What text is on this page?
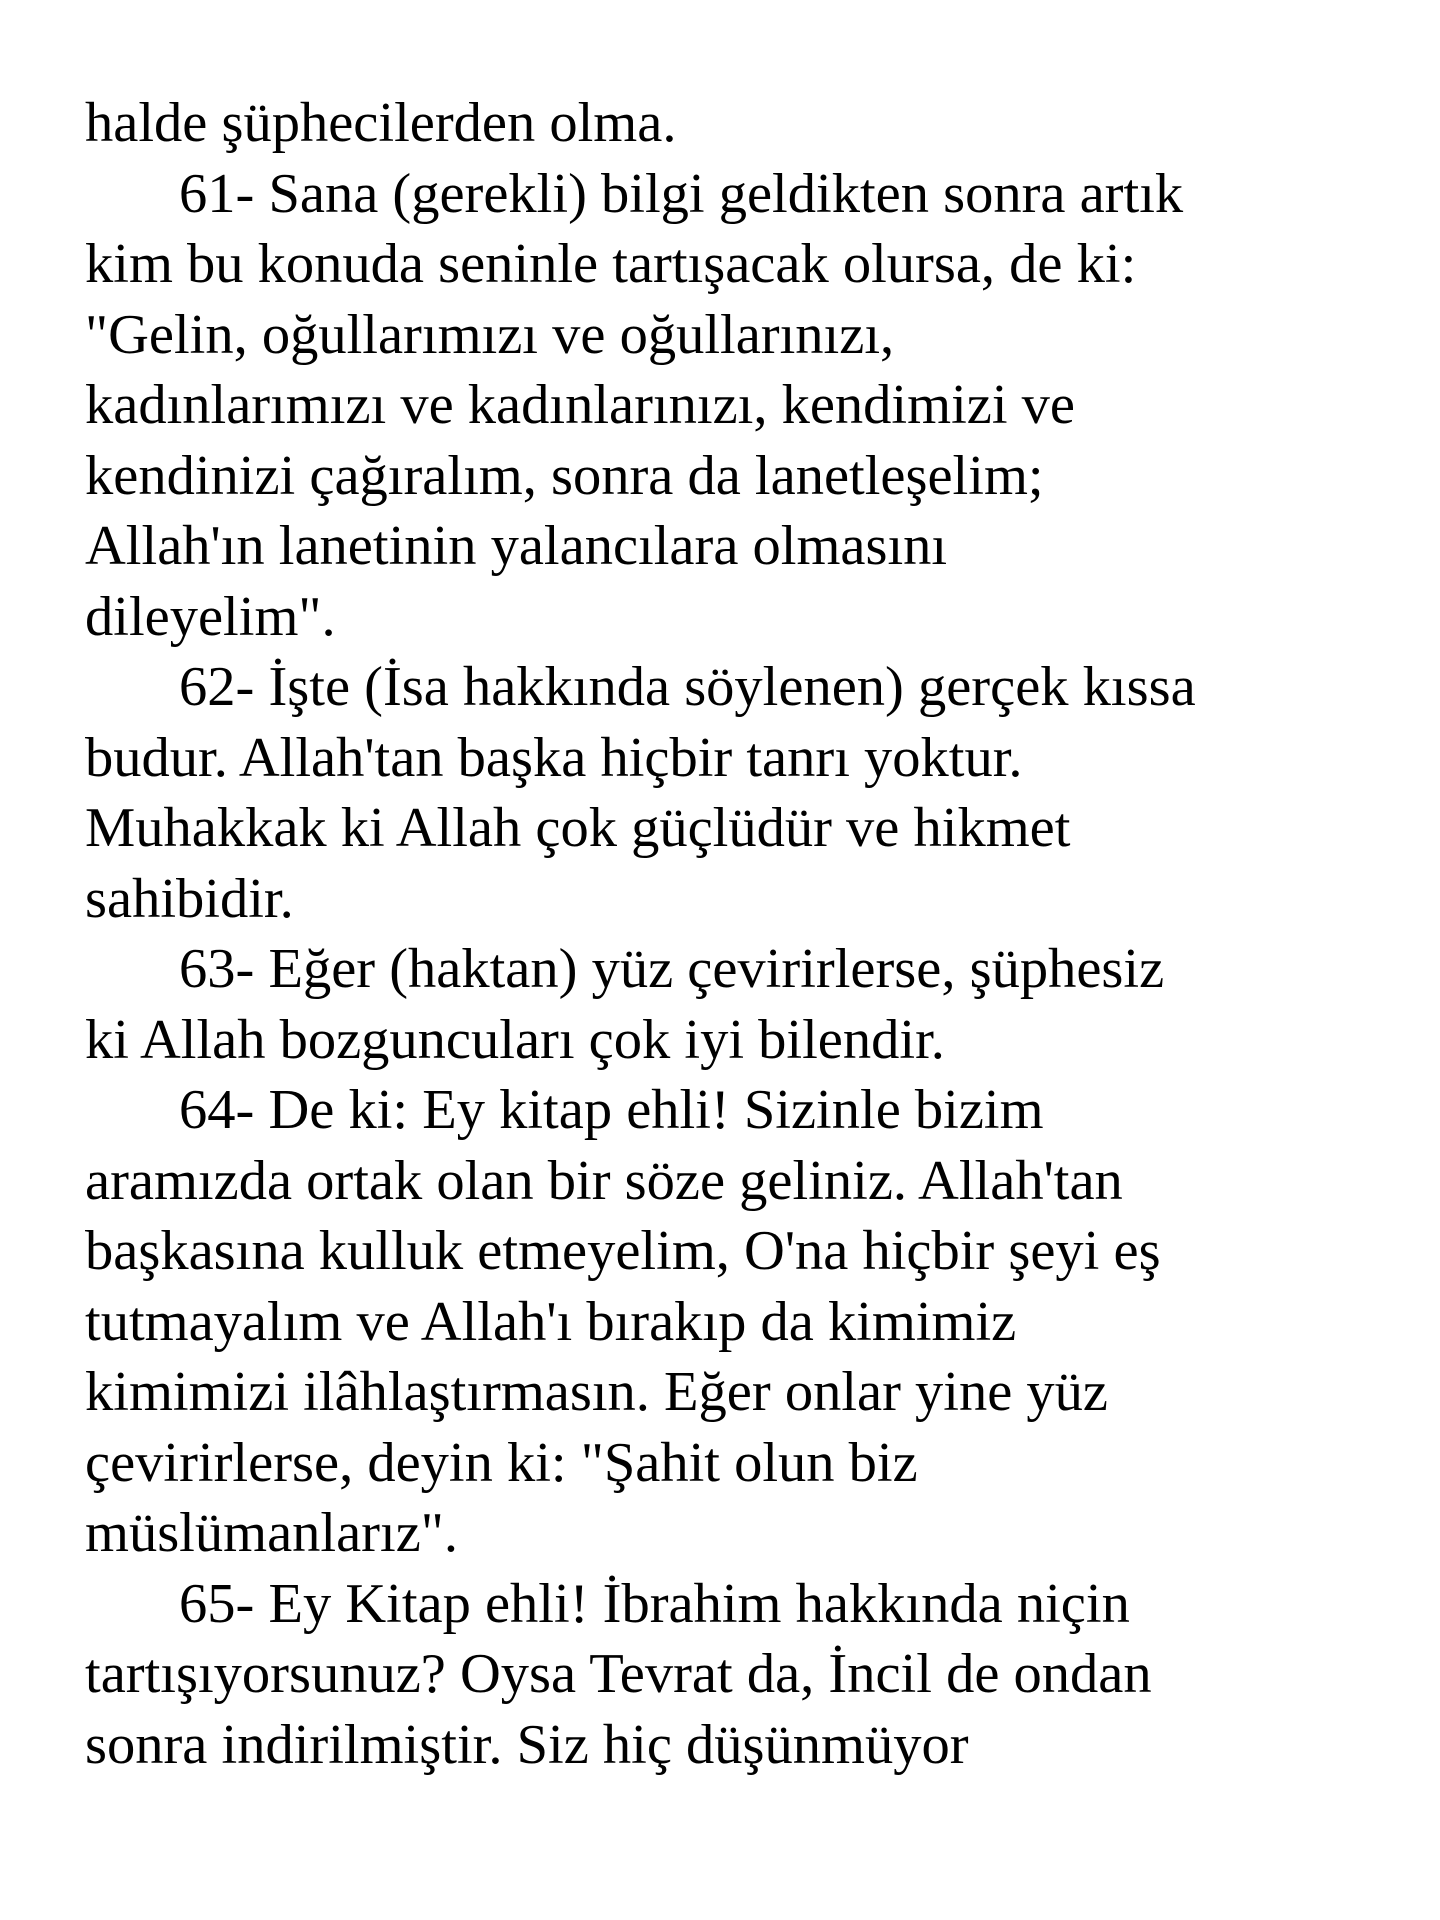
halde şüphecilerden olma.
61- Sana (gerekli) bilgi geldikten sonra artık
kim bu konuda seninle tartışacak olursa, de ki:
"Gelin, oğullarımızı ve oğullarınızı,
kadınlarımızı ve kadınlarınızı, kendimizi ve
kendinizi çağıralım, sonra da lanetleşelim;
Allah'ın lanetinin yalancılara olmasını
dileyelim".
62- İşte (İsa hakkında söylenen) gerçek kıssa
budur. Allah'tan başka hiçbir tanrı yoktur.
Muhakkak ki Allah çok güçlüdür ve hikmet
sahibidir.
63- Eğer (haktan) yüz çevirirlerse, şüphesiz
ki Allah bozguncuları çok iyi bilendir.
64- De ki: Ey kitap ehli! Sizinle bizim
aramızda ortak olan bir söze geliniz. Allah'tan
başkasına kulluk etmeyelim, O'na hiçbir şeyi eş
tutmayalım ve Allah'ı bırakıp da kimimiz
kimimizi ilâhlaştırmasın. Eğer onlar yine yüz
çevirirlerse, deyin ki: "Şahit olun biz
müslümanlarız".
65- Ey Kitap ehli! İbrahim hakkında niçin
tartışıyorsunuz? Oysa Tevrat da, İncil de ondan
sonra indirilmiştir. Siz hiç düşünmüyor
